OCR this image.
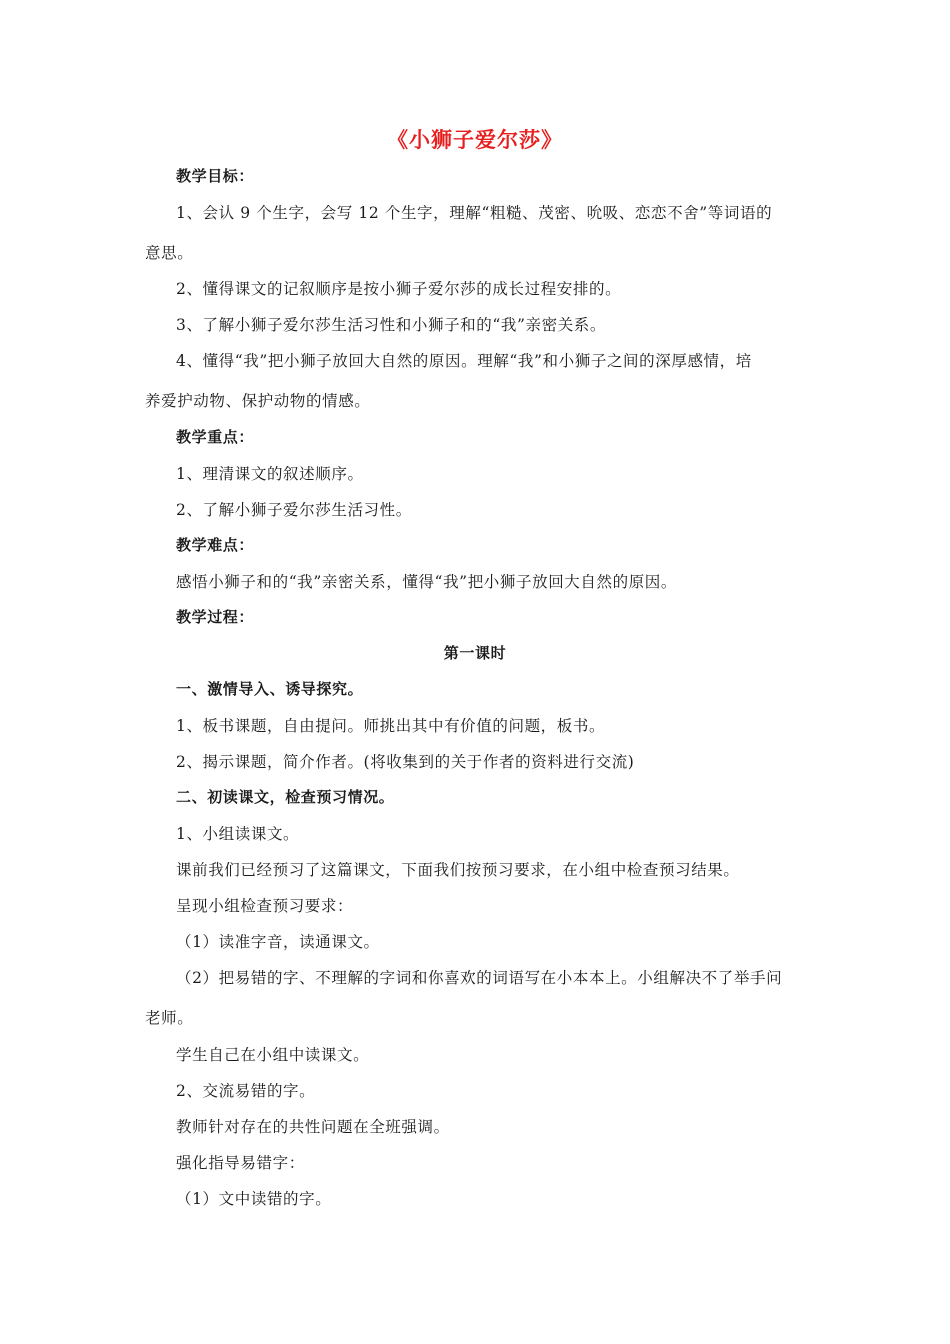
《小狮子爱尔莎》
教学目标：
1、会认 9 个生字，会写 12 个生字，理解“粗糙、茂密、吮吸、恋恋不舍”等词语的
意思。
2、懂得课文的记叙顺序是按小狮子爱尔莎的成长过程安排的。
3、了解小狮子爱尔莎生活习性和小狮子和的“我”亲密关系。
4、懂得“我”把小狮子放回大自然的原因。理解“我”和小狮子之间的深厚感情，培
养爱护动物、保护动物的情感。
教学重点：
1、理清课文的叙述顺序。
2、了解小狮子爱尔莎生活习性。
教学难点：
感悟小狮子和的“我”亲密关系，懂得“我”把小狮子放回大自然的原因。
教学过程：
第一课时
一、激情导入、诱导探究。
1、板书课题，自由提问。师挑出其中有价值的问题，板书。
2、揭示课题，简介作者。(将收集到的关于作者的资料进行交流)
二、初读课文，检查预习情况。
1、小组读课文。
课前我们已经预习了这篇课文，下面我们按预习要求，在小组中检查预习结果。
呈现小组检查预习要求：
（1）读准字音，读通课文。
（2）把易错的字、不理解的字词和你喜欢的词语写在小本本上。小组解决不了举手问
老师。
学生自己在小组中读课文。
2、交流易错的字。
教师针对存在的共性问题在全班强调。
强化指导易错字：
（1）文中读错的字。
